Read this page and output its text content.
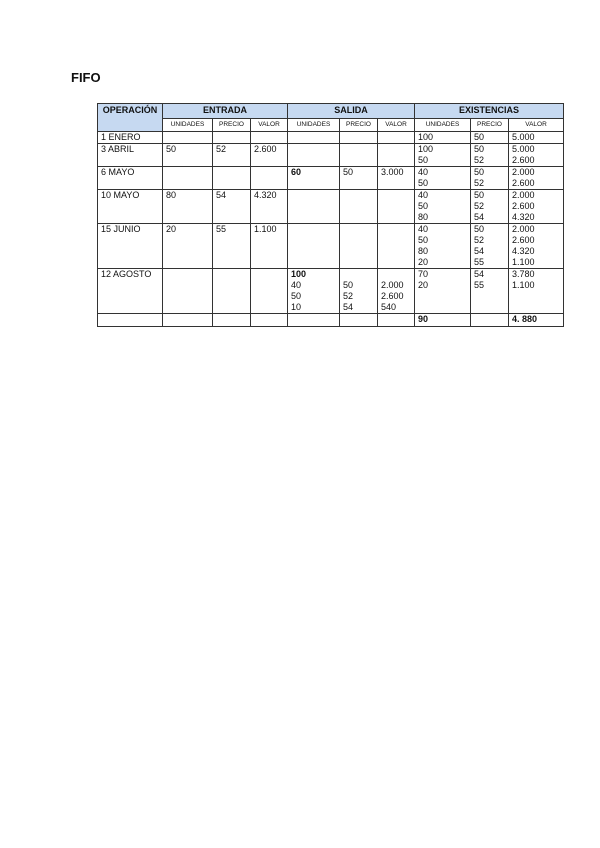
FIFO
OPERACIÓN	ENTRADA			SALIDA			EXISTENCIAS		
	UNIDADES	PRECIO	VALOR	UNIDADES	PRECIO	VALOR	UNIDADES	PRECIO	VALOR
1 ENERO							100	50	5.000
3 ABRIL	50	52	2.600				100	50	5.000
							50	52	2.600
6 MAYO				60	50	3.000	40	50	2.000
							50	52	2.600
10 MAYO	80	54	4.320				40	50	2.000
							50	52	2.600
							80	54	4.320
15 JUNIO	20	55	1.100				40	50	2.000
							50	52	2.600
							80	54	4.320
							20	55	1.100
12 AGOSTO				100			70	54	3.780
				40	50	2.000	20	55	1.100
				50	52	2.600			
				10	54	540			
							90		4. 880
